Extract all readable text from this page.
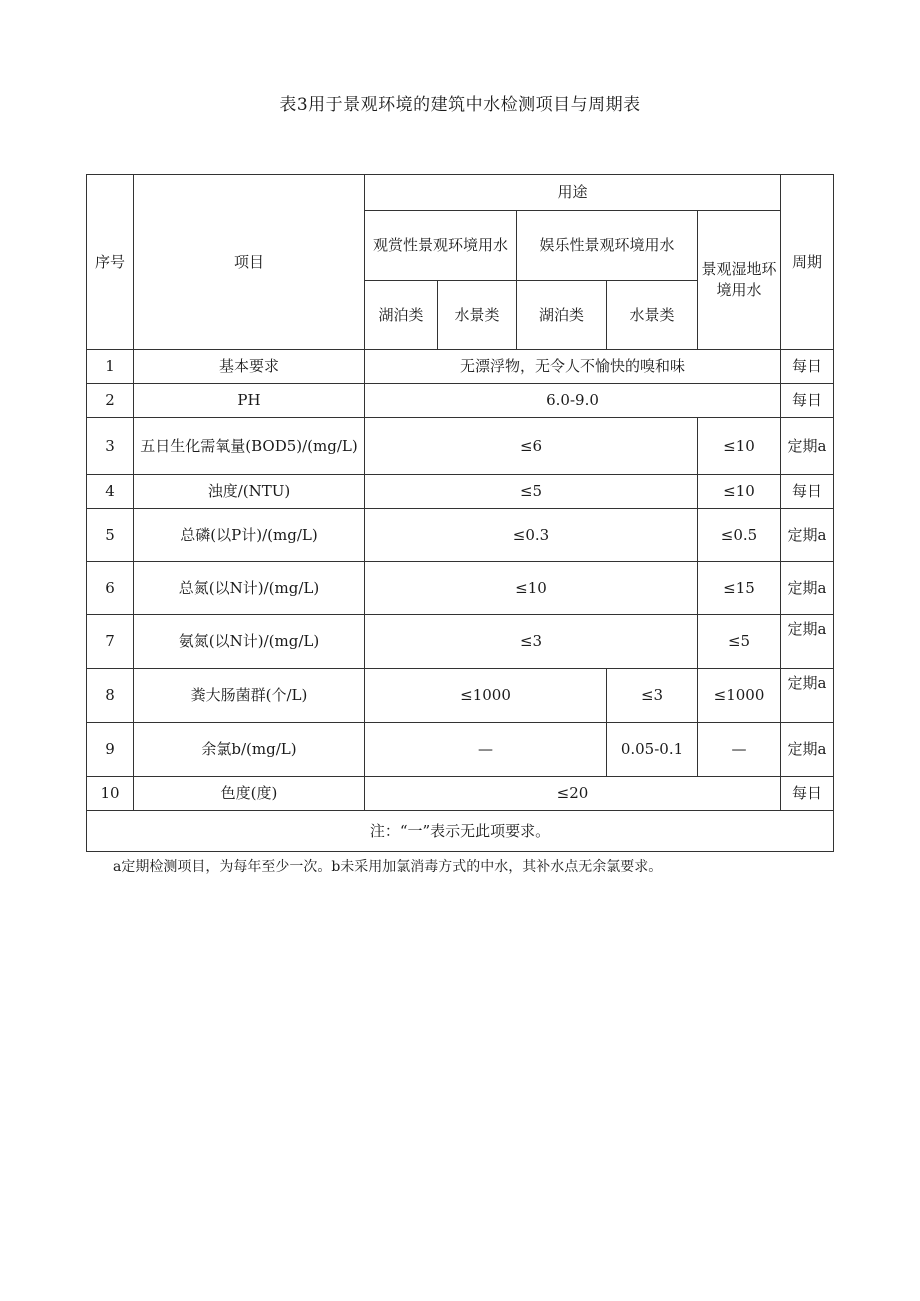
表3用于景观环境的建筑中水检测项目与周期表
序号	项目	用途					周期
		观赏性景观环境用水		娱乐性景观环境用水		景观湿地环境用水	
		湖泊类	水景类	湖泊类	水景类		
1	基本要求	无漂浮物，无令人不愉快的嗅和味					每日
2	PH	6.0-9.0					每日
3	五日生化需氧量(BOD5)/(mg/L)	≤6				≤10	定期a
4	浊度/(NTU)	≤5				≤10	每日
5	总磷(以P计)/(mg/L)	≤0.3				≤0.5	定期a
6	总氮(以N计)/(mg/L)	≤10				≤15	定期a
7	氨氮(以N计)/(mg/L)	≤3				≤5	定期a
8	粪大肠菌群(个/L)	≤1000			≤3	≤1000	定期a
9	余氯b/(mg/L)	—			0.05-0.1	—	定期a
10	色度(度)	≤20					每日
注：“一”表示无此项要求。							
a定期检测项目，为每年至少一次。b未采用加氯消毒方式的中水，其补水点无余氯要求。
